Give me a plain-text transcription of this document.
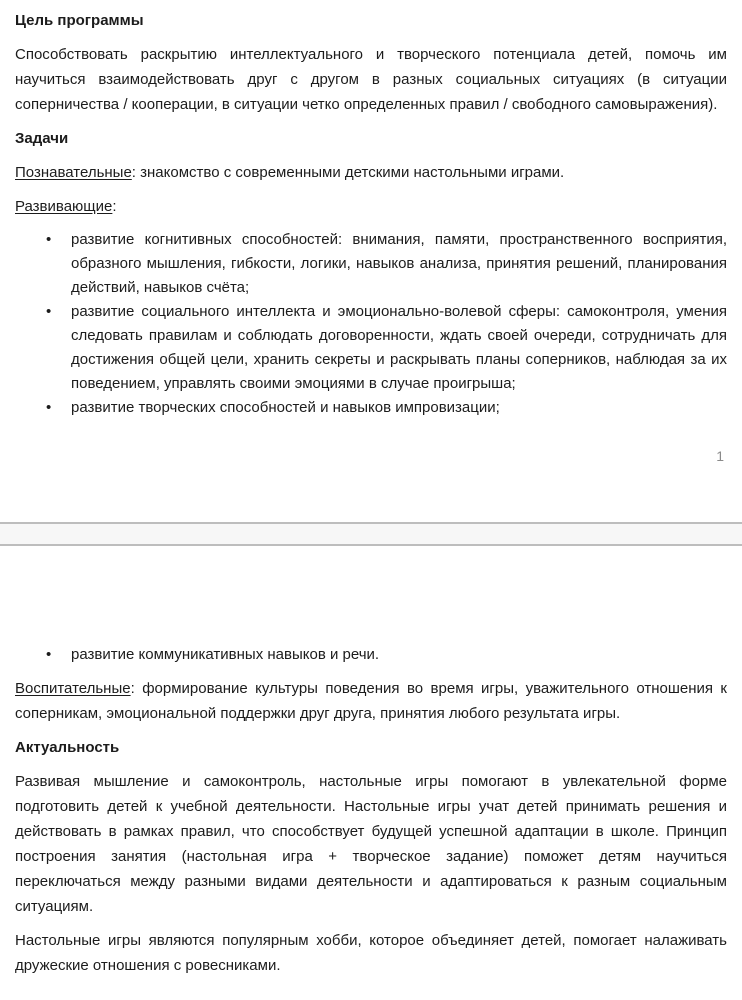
Цель программы

Способствовать раскрытию интеллектуального и творческого потенциала детей, помочь им научиться взаимодействовать друг с другом в разных социальных ситуациях (в ситуации соперничества / кооперации, в ситуации четко определенных правил / свободного самовыражения).

Задачи

Познавательные: знакомство с современными детскими настольными играми.

Развивающие:

• развитие когнитивных способностей: внимания, памяти, пространственного восприятия, образного мышления, гибкости, логики, навыков анализа, принятия решений, планирования действий, навыков счёта;
• развитие социального интеллекта и эмоционально-волевой сферы: самоконтроля, умения следовать правилам и соблюдать договоренности, ждать своей очереди, сотрудничать для достижения общей цели, хранить секреты и раскрывать планы соперников, наблюдая за их поведением, управлять своими эмоциями в случае проигрыша;
• развитие творческих способностей и навыков импровизации;
1
• развитие коммуникативных навыков и речи.

Воспитательные: формирование культуры поведения во время игры, уважительного отношения к соперникам, эмоциональной поддержки друг друга, принятия любого результата игры.

Актуальность

Развивая мышление и самоконтроль, настольные игры помогают в увлекательной форме подготовить детей к учебной деятельности. Настольные игры учат детей принимать решения и действовать в рамках правил, что способствует будущей успешной адаптации в школе. Принцип построения занятия (настольная игра + творческое задание) поможет детям научиться переключаться между разными видами деятельности и адаптироваться к разным социальным ситуациям.

Настольные игры являются популярным хобби, которое объединяет детей, помогает налаживать дружеские отношения с ровесниками.
